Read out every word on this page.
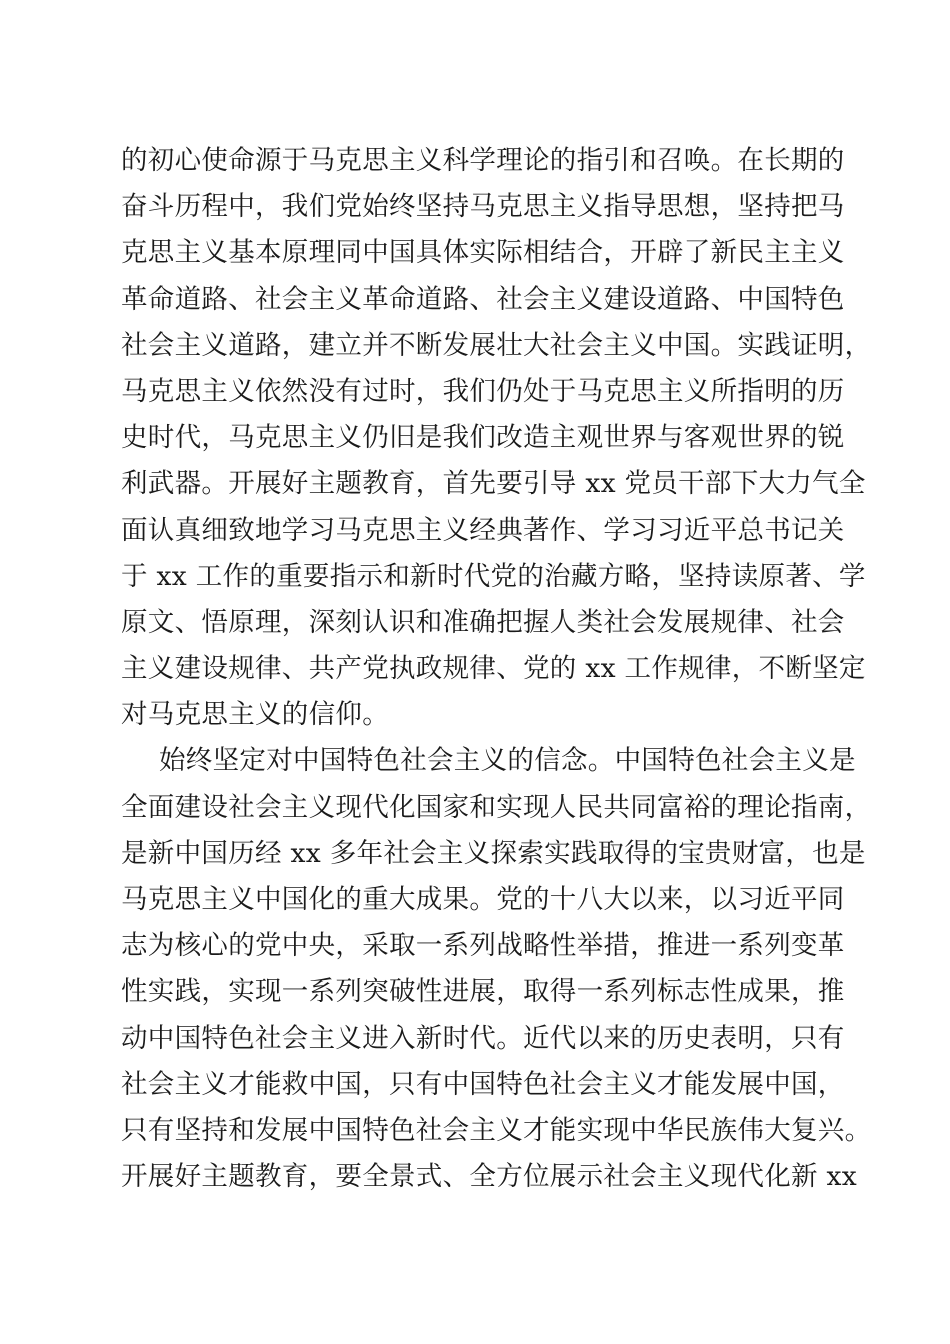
的初心使命源于马克思主义科学理论的指引和召唤。在长期的
奋斗历程中，我们党始终坚持马克思主义指导思想，坚持把马
克思主义基本原理同中国具体实际相结合，开辟了新民主主义
革命道路、社会主义革命道路、社会主义建设道路、中国特色
社会主义道路，建立并不断发展壮大社会主义中国。实践证明，
马克思主义依然没有过时，我们仍处于马克思主义所指明的历
史时代，马克思主义仍旧是我们改造主观世界与客观世界的锐
利武器。开展好主题教育，首先要引导 xx 党员干部下大力气全
面认真细致地学习马克思主义经典著作、学习习近平总书记关
于 xx 工作的重要指示和新时代党的治藏方略，坚持读原著、学
原文、悟原理，深刻认识和准确把握人类社会发展规律、社会
主义建设规律、共产党执政规律、党的 xx 工作规律，不断坚定
对马克思主义的信仰。
始终坚定对中国特色社会主义的信念。中国特色社会主义是
全面建设社会主义现代化国家和实现人民共同富裕的理论指南，
是新中国历经 xx 多年社会主义探索实践取得的宝贵财富，也是
马克思主义中国化的重大成果。党的十八大以来，以习近平同
志为核心的党中央，采取一系列战略性举措，推进一系列变革
性实践，实现一系列突破性进展，取得一系列标志性成果，推
动中国特色社会主义进入新时代。近代以来的历史表明，只有
社会主义才能救中国，只有中国特色社会主义才能发展中国，
只有坚持和发展中国特色社会主义才能实现中华民族伟大复兴。
开展好主题教育，要全景式、全方位展示社会主义现代化新 xx
